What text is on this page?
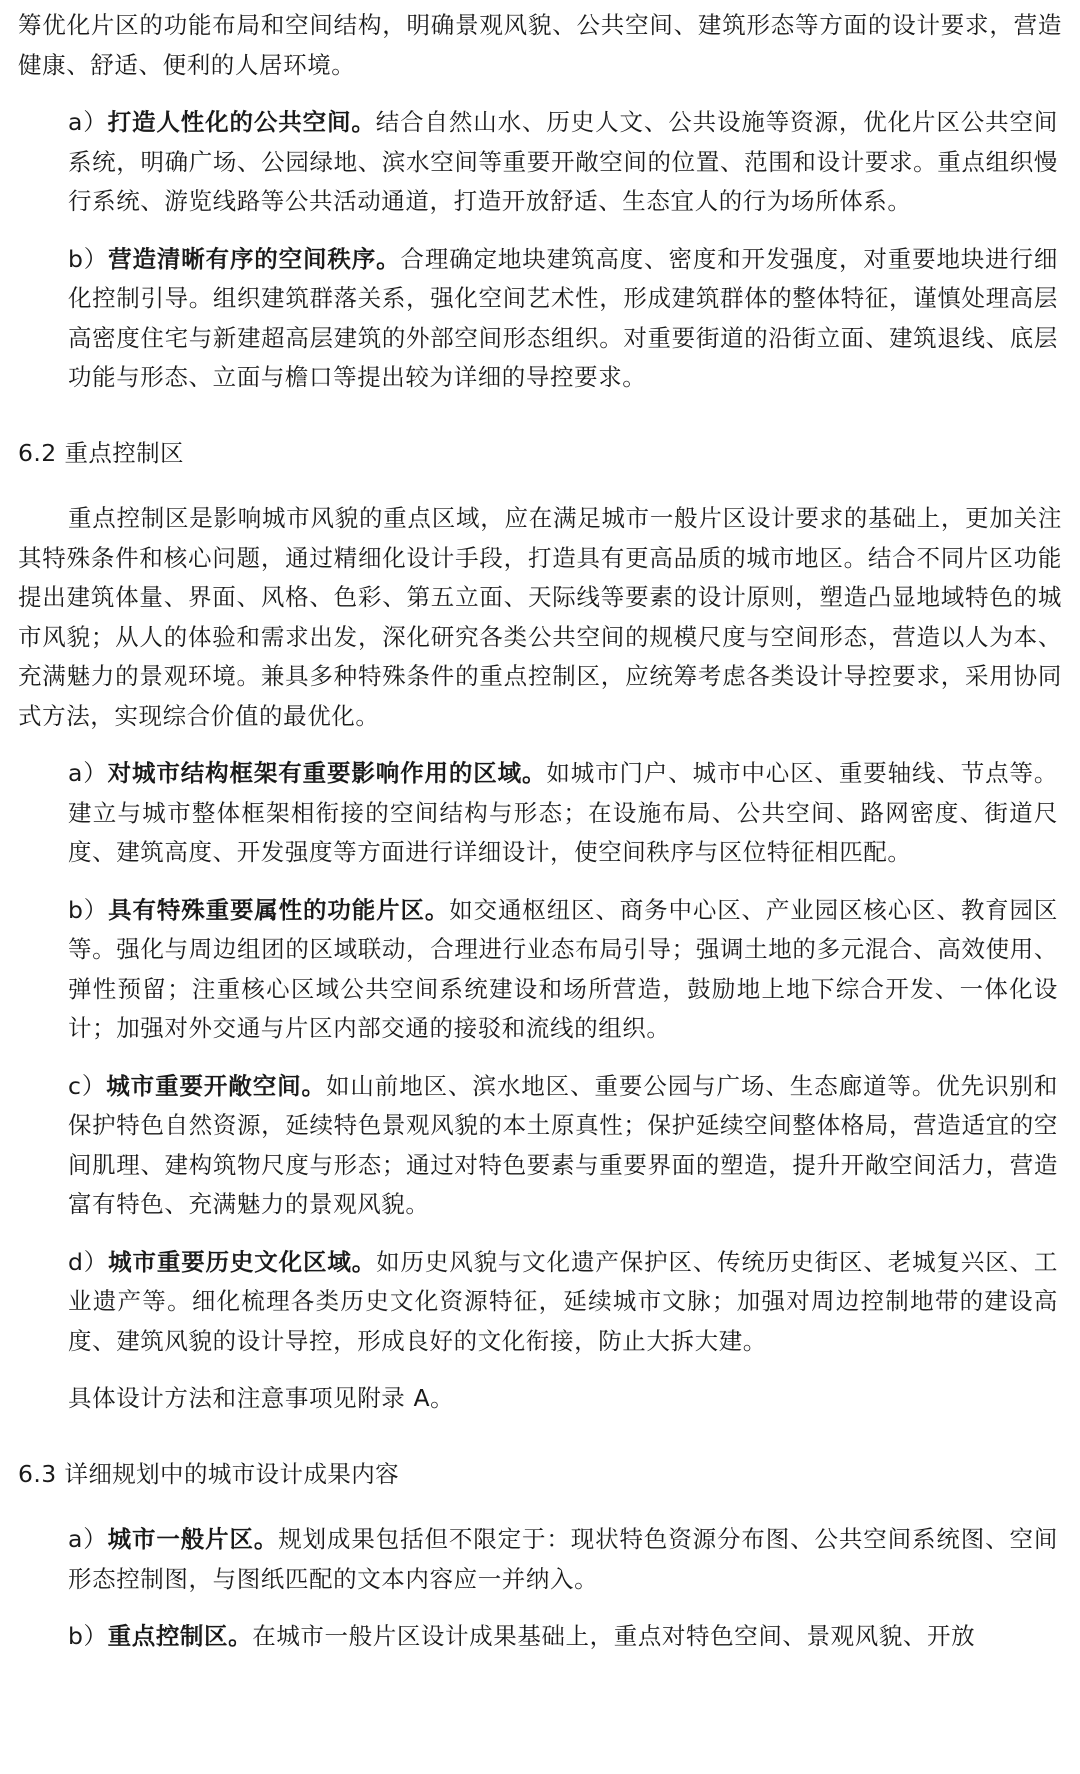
筹优化片区的功能布局和空间结构，明确景观风貌、公共空间、建筑形态等方面的设计要求，营造健康、舒适、便利的人居环境。

a）打造人性化的公共空间。结合自然山水、历史人文、公共设施等资源，优化片区公共空间系统，明确广场、公园绿地、滨水空间等重要开敞空间的位置、范围和设计要求。重点组织慢行系统、游览线路等公共活动通道，打造开放舒适、生态宜人的行为场所体系。

b）营造清晰有序的空间秩序。合理确定地块建筑高度、密度和开发强度，对重要地块进行细化控制引导。组织建筑群落关系，强化空间艺术性，形成建筑群体的整体特征，谨慎处理高层高密度住宅与新建超高层建筑的外部空间形态组织。对重要街道的沿街立面、建筑退线、底层功能与形态、立面与檐口等提出较为详细的导控要求。

6.2 重点控制区

重点控制区是影响城市风貌的重点区域，应在满足城市一般片区设计要求的基础上，更加关注其特殊条件和核心问题，通过精细化设计手段，打造具有更高品质的城市地区。结合不同片区功能提出建筑体量、界面、风格、色彩、第五立面、天际线等要素的设计原则，塑造凸显地域特色的城市风貌；从人的体验和需求出发，深化研究各类公共空间的规模尺度与空间形态，营造以人为本、充满魅力的景观环境。兼具多种特殊条件的重点控制区，应统筹考虑各类设计导控要求，采用协同式方法，实现综合价值的最优化。

a）对城市结构框架有重要影响作用的区域。如城市门户、城市中心区、重要轴线、节点等。建立与城市整体框架相衔接的空间结构与形态；在设施布局、公共空间、路网密度、街道尺度、建筑高度、开发强度等方面进行详细设计，使空间秩序与区位特征相匹配。

b）具有特殊重要属性的功能片区。如交通枢纽区、商务中心区、产业园区核心区、教育园区等。强化与周边组团的区域联动，合理进行业态布局引导；强调土地的多元混合、高效使用、弹性预留；注重核心区域公共空间系统建设和场所营造，鼓励地上地下综合开发、一体化设计；加强对外交通与片区内部交通的接驳和流线的组织。

c）城市重要开敞空间。如山前地区、滨水地区、重要公园与广场、生态廊道等。优先识别和保护特色自然资源，延续特色景观风貌的本土原真性；保护延续空间整体格局，营造适宜的空间肌理、建构筑物尺度与形态；通过对特色要素与重要界面的塑造，提升开敞空间活力，营造富有特色、充满魅力的景观风貌。

d）城市重要历史文化区域。如历史风貌与文化遗产保护区、传统历史街区、老城复兴区、工业遗产等。细化梳理各类历史文化资源特征，延续城市文脉；加强对周边控制地带的建设高度、建筑风貌的设计导控，形成良好的文化衔接，防止大拆大建。

具体设计方法和注意事项见附录 A。

6.3 详细规划中的城市设计成果内容

a）城市一般片区。规划成果包括但不限定于：现状特色资源分布图、公共空间系统图、空间形态控制图，与图纸匹配的文本内容应一并纳入。

b）重点控制区。在城市一般片区设计成果基础上，重点对特色空间、景观风貌、开放
